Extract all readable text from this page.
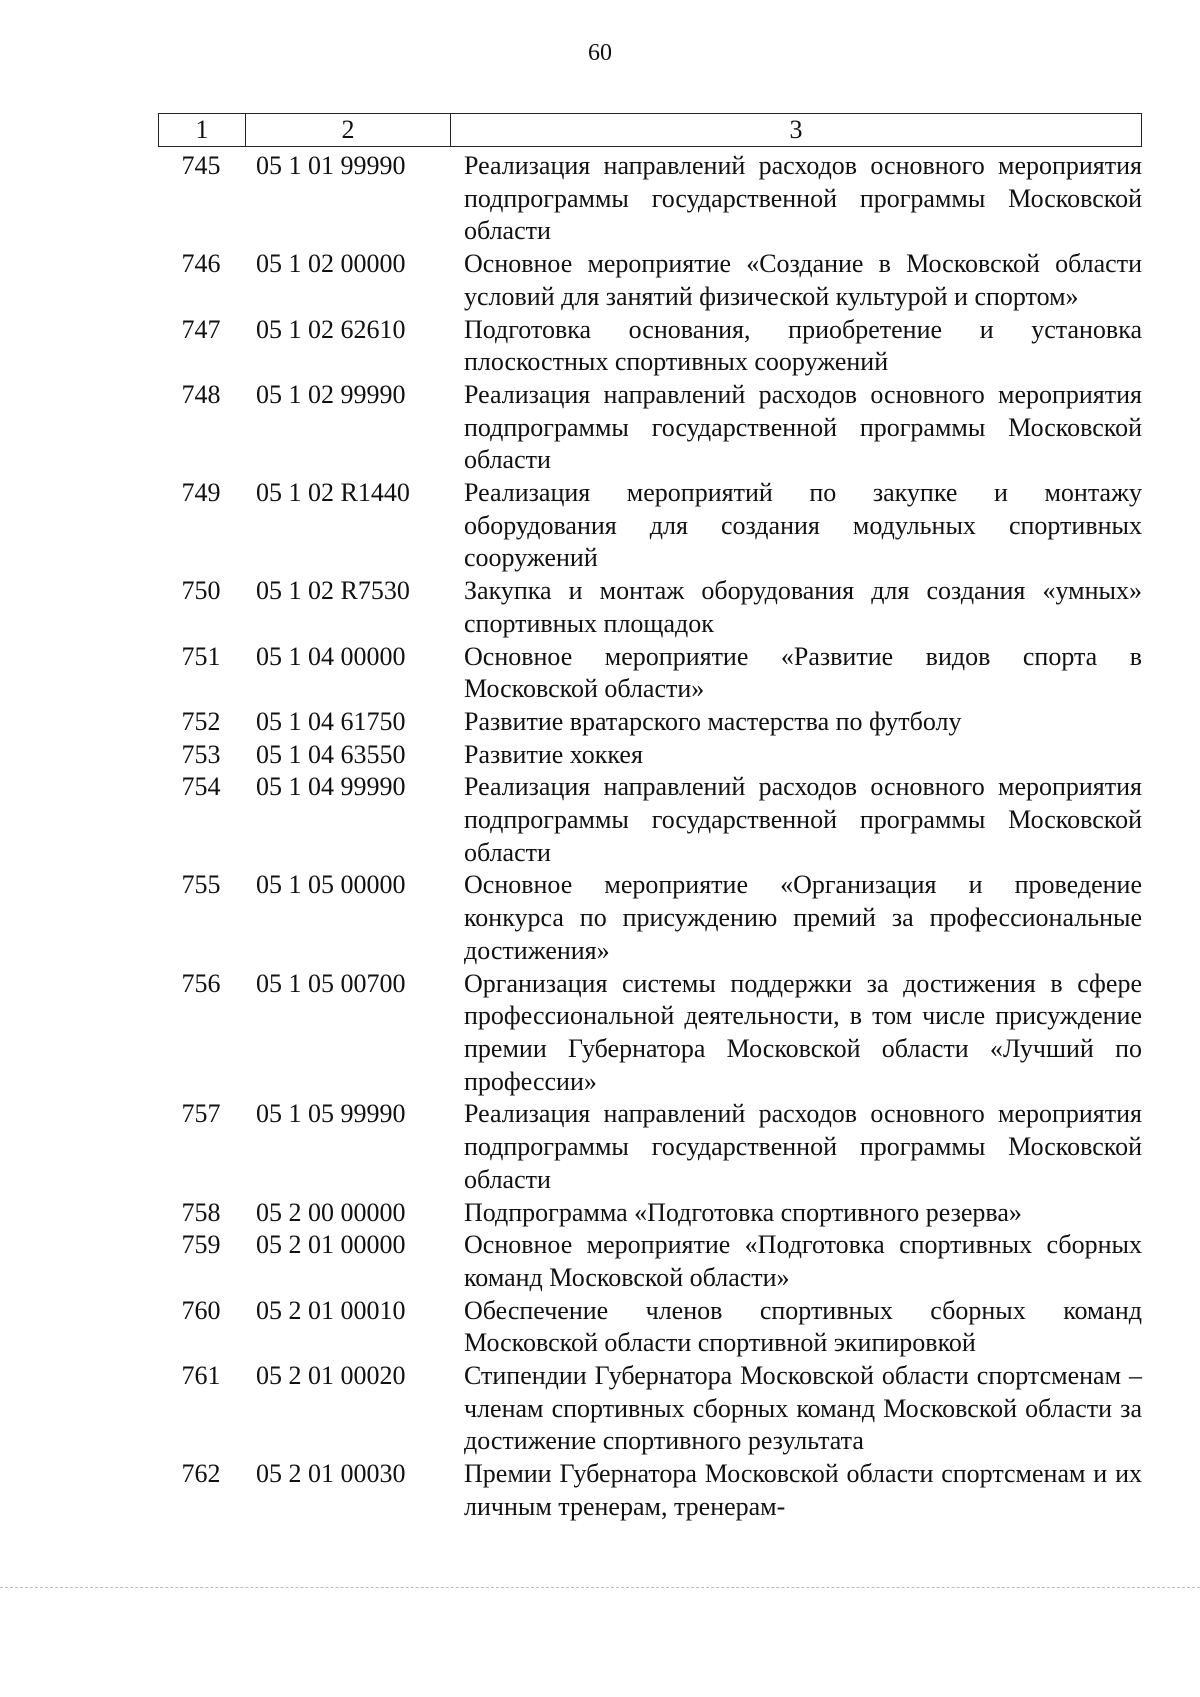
60
1	2	3
745	05 1 01 99990	Реализация направлений расходов основного мероприятия подпрограммы государственной программы Московской области
746	05 1 02 00000	Основное мероприятие «Создание в Московской области условий для занятий физической культурой и спортом»
747	05 1 02 62610	Подготовка основания, приобретение и установка плоскостных спортивных сооружений
748	05 1 02 99990	Реализация направлений расходов основного мероприятия подпрограммы государственной программы Московской области
749	05 1 02 R1440	Реализация мероприятий по закупке и монтажу оборудования для создания модульных спортивных сооружений
750	05 1 02 R7530	Закупка и монтаж оборудования для создания «умных» спортивных площадок
751	05 1 04 00000	Основное мероприятие «Развитие видов спорта в Московской области»
752	05 1 04 61750	Развитие вратарского мастерства по футболу
753	05 1 04 63550	Развитие хоккея
754	05 1 04 99990	Реализация направлений расходов основного мероприятия подпрограммы государственной программы Московской области
755	05 1 05 00000	Основное мероприятие «Организация и проведение конкурса по присуждению премий за профессиональные достижения»
756	05 1 05 00700	Организация системы поддержки за достижения в сфере профессиональной деятельности, в том числе присуждение премии Губернатора Московской области «Лучший по профессии»
757	05 1 05 99990	Реализация направлений расходов основного мероприятия подпрограммы государственной программы Московской области
758	05 2 00 00000	Подпрограмма «Подготовка спортивного резерва»
759	05 2 01 00000	Основное мероприятие «Подготовка спортивных сборных команд Московской области»
760	05 2 01 00010	Обеспечение членов спортивных сборных команд Московской области спортивной экипировкой
761	05 2 01 00020	Стипендии Губернатора Московской области спортсменам – членам спортивных сборных команд Московской области за достижение спортивного результата
762	05 2 01 00030	Премии Губернатора Московской области спортсменам и их личным тренерам, тренерам-
